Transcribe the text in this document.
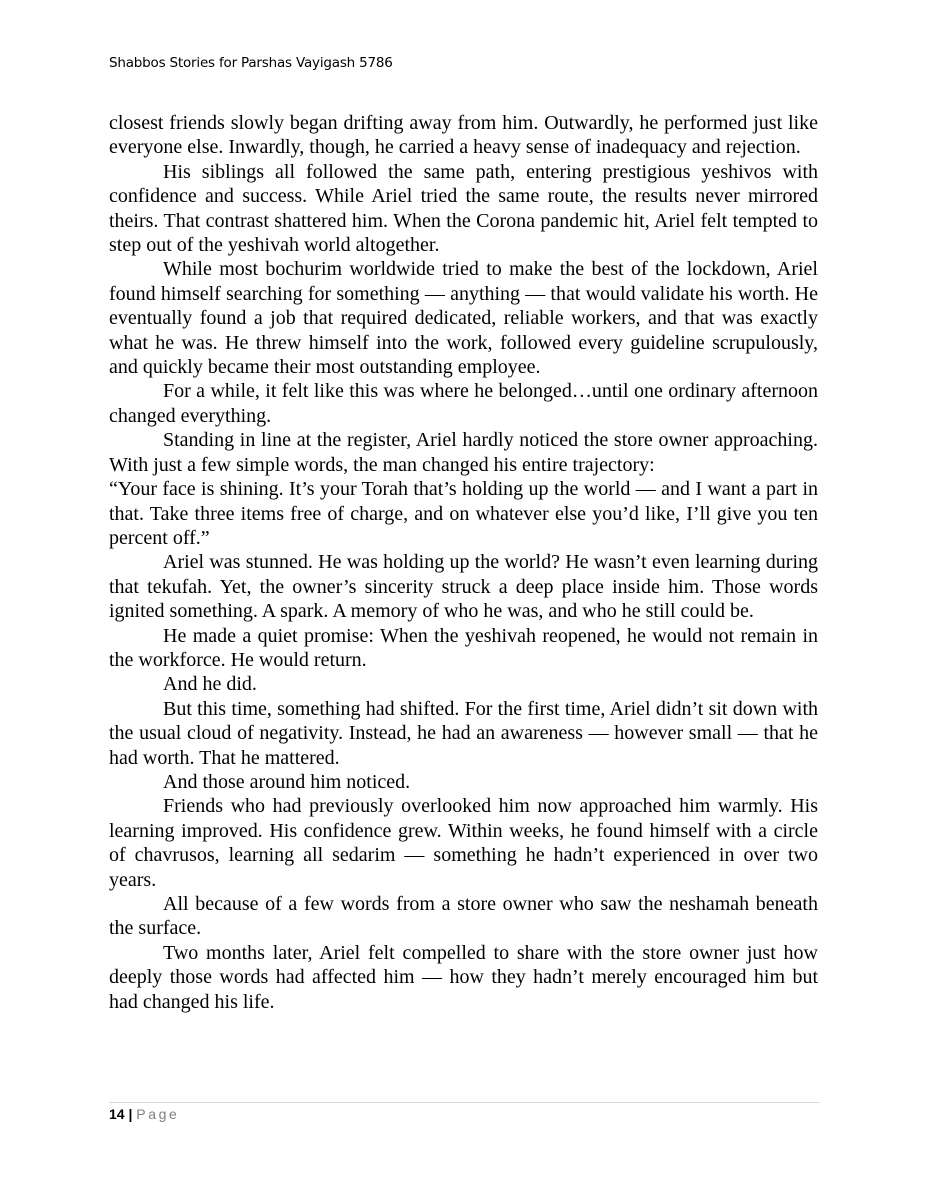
Shabbos Stories for Parshas Vayigash 5786

closest friends slowly began drifting away from him. Outwardly, he performed just like everyone else. Inwardly, though, he carried a heavy sense of inadequacy and rejection.

His siblings all followed the same path, entering prestigious yeshivos with confidence and success. While Ariel tried the same route, the results never mirrored theirs. That contrast shattered him. When the Corona pandemic hit, Ariel felt tempted to step out of the yeshivah world altogether.

While most bochurim worldwide tried to make the best of the lockdown, Ariel found himself searching for something — anything — that would validate his worth. He eventually found a job that required dedicated, reliable workers, and that was exactly what he was. He threw himself into the work, followed every guideline scrupulously, and quickly became their most outstanding employee.

For a while, it felt like this was where he belonged…until one ordinary afternoon changed everything.

Standing in line at the register, Ariel hardly noticed the store owner approaching. With just a few simple words, the man changed his entire trajectory:

“Your face is shining. It’s your Torah that’s holding up the world — and I want a part in that. Take three items free of charge, and on whatever else you’d like, I’ll give you ten percent off.”

Ariel was stunned. He was holding up the world? He wasn’t even learning during that tekufah. Yet, the owner’s sincerity struck a deep place inside him. Those words ignited something. A spark. A memory of who he was, and who he still could be.

He made a quiet promise: When the yeshivah reopened, he would not remain in the workforce. He would return.

And he did.

But this time, something had shifted. For the first time, Ariel didn’t sit down with the usual cloud of negativity. Instead, he had an awareness — however small — that he had worth. That he mattered.

And those around him noticed.

Friends who had previously overlooked him now approached him warmly. His learning improved. His confidence grew. Within weeks, he found himself with a circle of chavrusos, learning all sedarim — something he hadn’t experienced in over two years.

All because of a few words from a store owner who saw the neshamah beneath the surface.

Two months later, Ariel felt compelled to share with the store owner just how deeply those words had affected him — how they hadn’t merely encouraged him but had changed his life.

14 | Page
